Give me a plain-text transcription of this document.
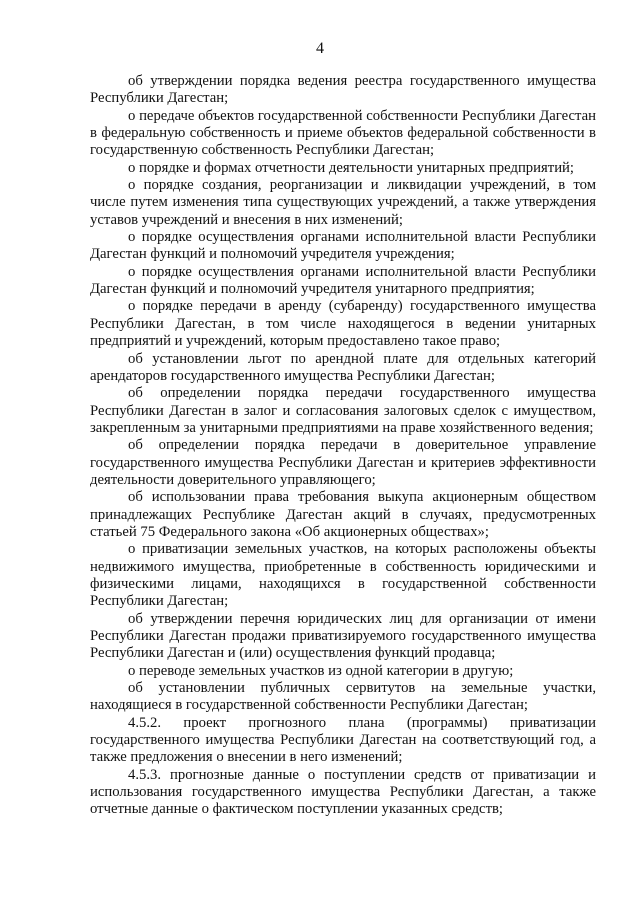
4

об утверждении порядка ведения реестра государственного имущества Республики Дагестан;

о передаче объектов государственной собственности Республики Дагестан в федеральную собственность и приеме объектов федеральной собственности в государственную собственность Республики Дагестан;

о порядке и формах отчетности деятельности унитарных предприятий;

о порядке создания, реорганизации и ликвидации учреждений, в том числе путем изменения типа существующих учреждений, а также утверждения уставов учреждений и внесения в них изменений;

о порядке осуществления органами исполнительной власти Республики Дагестан функций и полномочий учредителя учреждения;

о порядке осуществления органами исполнительной власти Республики Дагестан функций и полномочий учредителя унитарного предприятия;

о порядке передачи в аренду (субаренду) государственного имущества Республики Дагестан, в том числе находящегося в ведении унитарных предприятий и учреждений, которым предоставлено такое право;

об установлении льгот по арендной плате для отдельных категорий арендаторов государственного имущества Республики Дагестан;

об определении порядка передачи государственного имущества Республики Дагестан в залог и согласования залоговых сделок с имуществом, закрепленным за унитарными предприятиями на праве хозяйственного ведения;

об определении порядка передачи в доверительное управление государственного имущества Республики Дагестан и критериев эффективности деятельности доверительного управляющего;

об использовании права требования выкупа акционерным обществом принадлежащих Республике Дагестан акций в случаях, предусмотренных статьей 75 Федерального закона «Об акционерных обществах»;

о приватизации земельных участков, на которых расположены объекты недвижимого имущества, приобретенные в собственность юридическими и физическими лицами, находящихся в государственной собственности Республики Дагестан;

об утверждении перечня юридических лиц для организации от имени Республики Дагестан продажи приватизируемого государственного имущества Республики Дагестан и (или) осуществления функций продавца;

о переводе земельных участков из одной категории в другую;

об установлении публичных сервитутов на земельные участки, находящиеся в государственной собственности Республики Дагестан;

4.5.2. проект прогнозного плана (программы) приватизации государственного имущества Республики Дагестан на соответствующий год, а также предложения о внесении в него изменений;

4.5.3. прогнозные данные о поступлении средств от приватизации и использования государственного имущества Республики Дагестан, а также отчетные данные о фактическом поступлении указанных средств;
